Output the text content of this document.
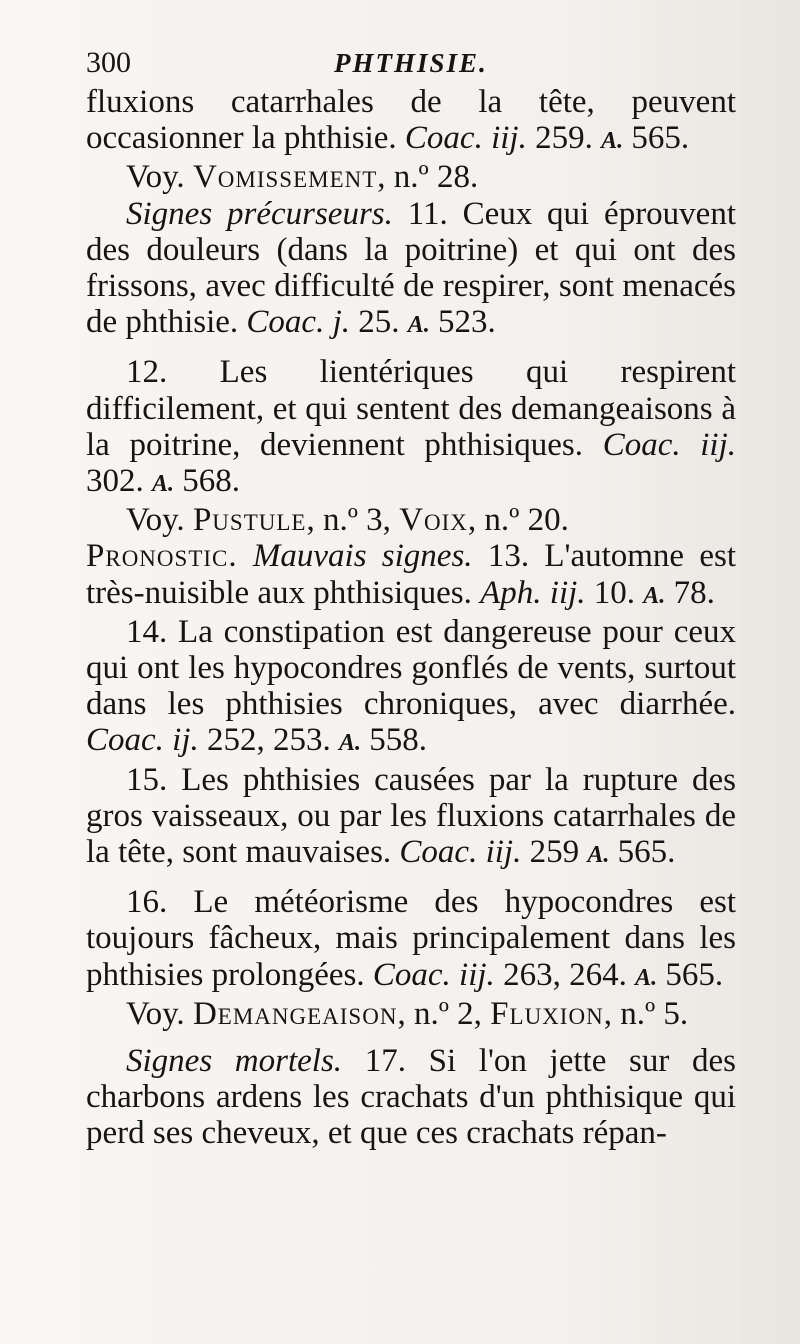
300	PHTHISIE.

fluxions catarrhales de la tête, peuvent occasionner la phthisie. Coac. iij. 259. A. 565.

Voy. Vomissement, n.º 28.

Signes précurseurs. 11. Ceux qui éprouvent des douleurs (dans la poitrine) et qui ont des frissons, avec difficulté de respirer, sont menacés de phthisie. Coac. j. 25. A. 523.

12. Les lientériques qui respirent difficilement, et qui sentent des demangeaisons à la poitrine, deviennent phthisiques. Coac. iij. 302. A. 568.

Voy. Pustule, n.º 3, Voix, n.º 20.

Pronostic. Mauvais signes. 13. L'automne est très-nuisible aux phthisiques. Aph. iij. 10. A. 78.

14. La constipation est dangereuse pour ceux qui ont les hypocondres gonflés de vents, surtout dans les phthisies chroniques, avec diarrhée. Coac. ij. 252, 253. A. 558.

15. Les phthisies causées par la rupture des gros vaisseaux, ou par les fluxions catarrhales de la tête, sont mauvaises. Coac. iij. 259 A. 565.

16. Le météorisme des hypocondres est toujours fâcheux, mais principalement dans les phthisies prolongées. Coac. iij. 263, 264. A. 565.

Voy. Demangeaison, n.º 2, Fluxion, n.º 5.

Signes mortels. 17. Si l'on jette sur des charbons ardens les crachats d'un phthisique qui perd ses cheveux, et que ces crachats répan-
